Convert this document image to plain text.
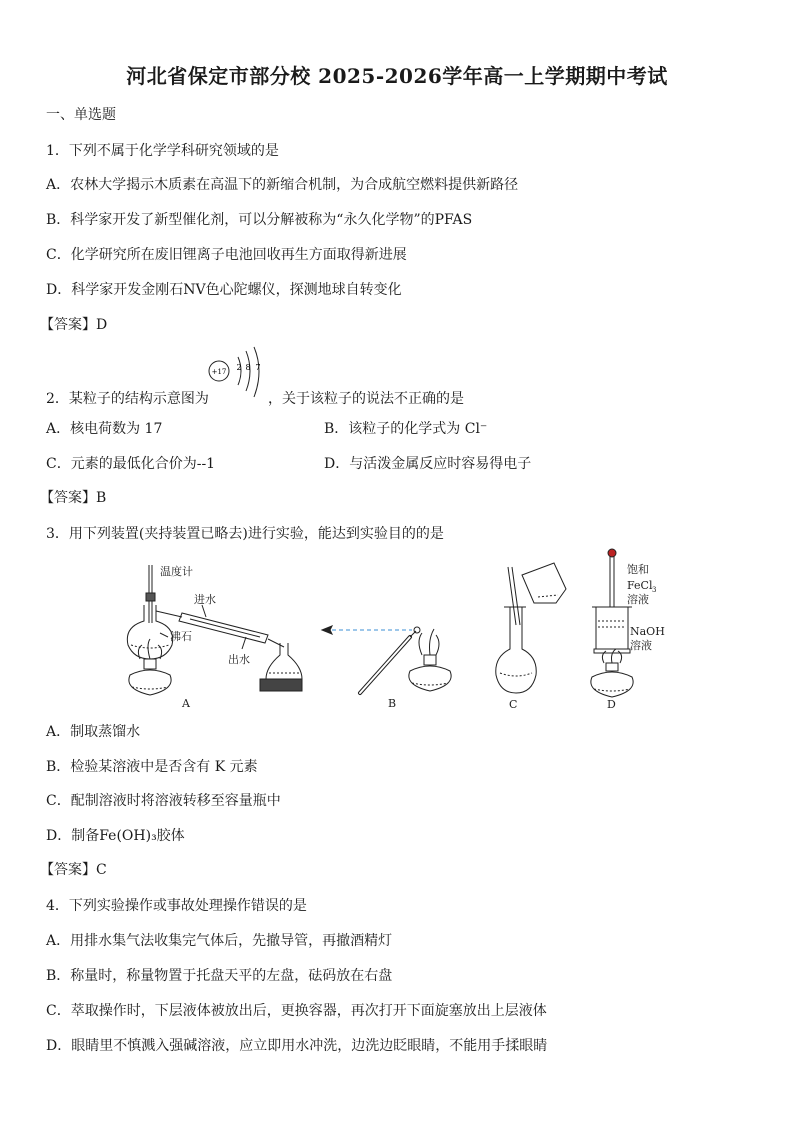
河北省保定市部分校 2025-2026学年高一上学期期中考试
一、单选题
1．下列不属于化学学科研究领域的是
A．农林大学揭示木质素在高温下的新缩合机制，为合成航空燃料提供新路径
B．科学家开发了新型催化剂，可以分解被称为“永久化学物”的PFAS
C．化学研究所在废旧锂离子电池回收再生方面取得新进展
D．科学家开发金刚石NV色心陀螺仪，探测地球自转变化
【答案】D
2．某粒子的结构示意图为
+17 2 8 7
，关于该粒子的说法不正确的是
A．核电荷数为 17	B．该粒子的化学式为 Cl⁻
C．元素的最低化合价为--1	D．与活泼金属反应时容易得电子
【答案】B
3．用下列装置(夹持装置已略去)进行实验，能达到实验目的的是
温度计
进水
沸石
出水
饱和
FeCl 3
溶液
NaOH
溶液
A	B	C	D
A．制取蒸馏水
B．检验某溶液中是否含有 K 元素
C．配制溶液时将溶液转移至容量瓶中
D．制备Fe(OH)₃胶体
【答案】C
4．下列实验操作或事故处理操作错误的是
A．用排水集气法收集完气体后，先撤导管，再撤酒精灯
B．称量时，称量物置于托盘天平的左盘，砝码放在右盘
C．萃取操作时，下层液体被放出后，更换容器，再次打开下面旋塞放出上层液体
D．眼睛里不慎溅入强碱溶液，应立即用水冲洗，边洗边眨眼睛，不能用手揉眼睛
